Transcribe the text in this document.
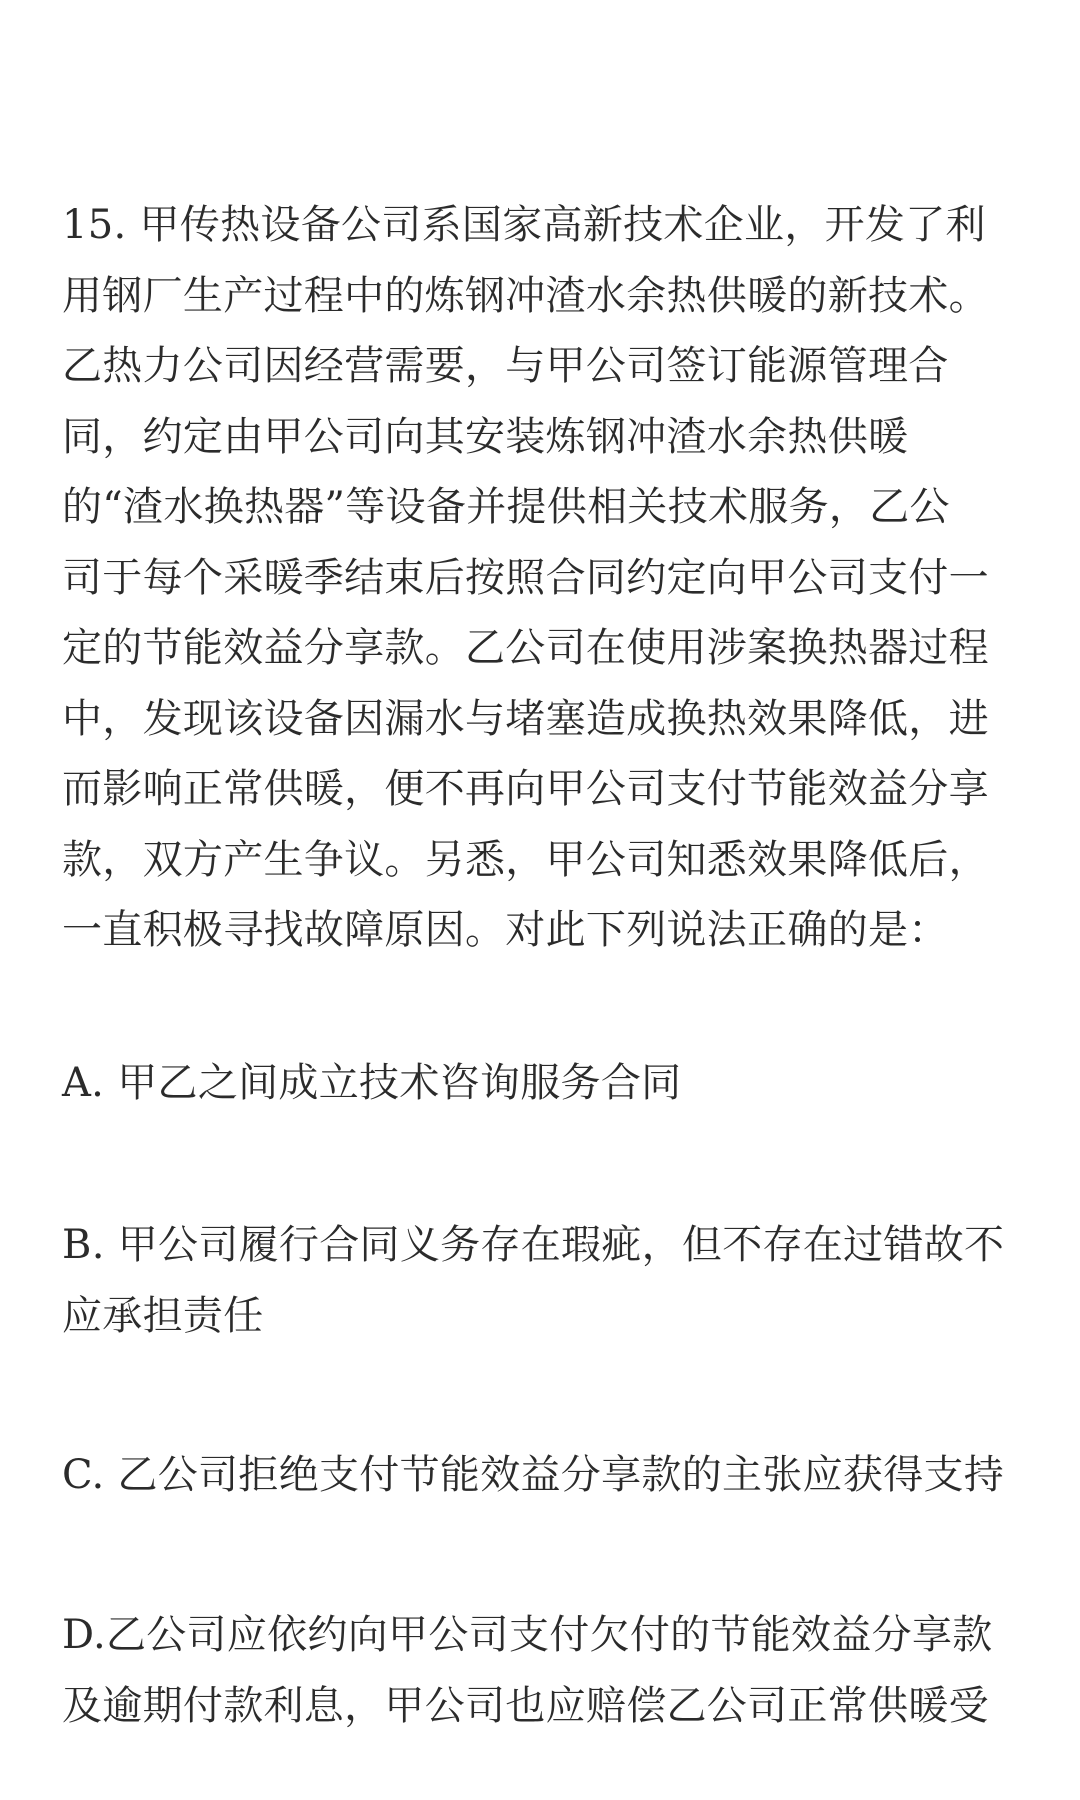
15. 甲传热设备公司系国家高新技术企业，开发了利
用钢厂生产过程中的炼钢冲渣水余热供暖的新技术。
乙热力公司因经营需要，与甲公司签订能源管理合
同，约定由甲公司向其安装炼钢冲渣水余热供暖
的“渣水换热器”等设备并提供相关技术服务，乙公
司于每个采暖季结束后按照合同约定向甲公司支付一
定的节能效益分享款。乙公司在使用涉案换热器过程
中，发现该设备因漏水与堵塞造成换热效果降低，进
而影响正常供暖，便不再向甲公司支付节能效益分享
款，双方产生争议。另悉，甲公司知悉效果降低后，
一直积极寻找故障原因。对此下列说法正确的是：
A. 甲乙之间成立技术咨询服务合同
B. 甲公司履行合同义务存在瑕疵，但不存在过错故不
应承担责任
C. 乙公司拒绝支付节能效益分享款的主张应获得支持
D.乙公司应依约向甲公司支付欠付的节能效益分享款
及逾期付款利息，甲公司也应赔偿乙公司正常供暖受
